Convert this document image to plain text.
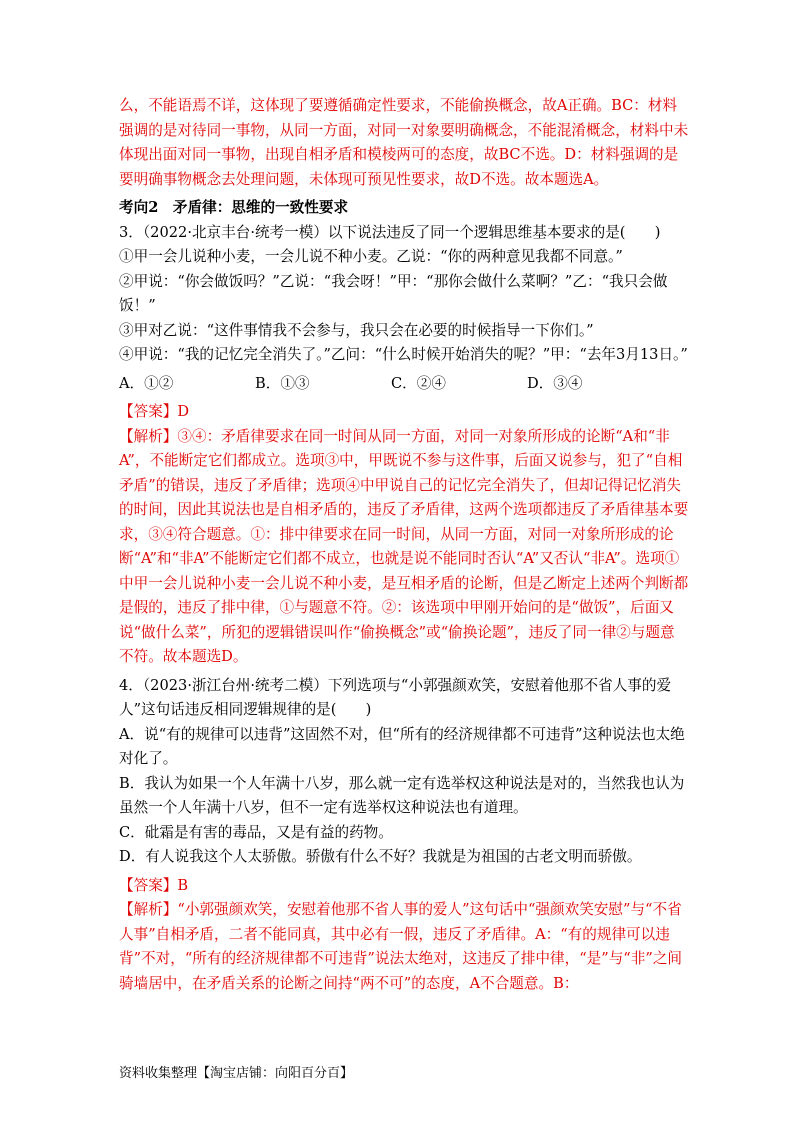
么，不能语焉不详，这体现了要遵循确定性要求，不能偷换概念，故A正确。BC：材料强调的是对待同一事物，从同一方面，对同一对象要明确概念，不能混淆概念，材料中未体现出面对同一事物，出现自相矛盾和模棱两可的态度，故BC不选。D：材料强调的是要明确事物概念去处理问题，未体现可预见性要求，故D不选。故本题选A。

考向2　矛盾律：思维的一致性要求

3．（2022·北京丰台·统考一模）以下说法违反了同一个逻辑思维基本要求的是(　　)

①甲一会儿说种小麦，一会儿说不种小麦。乙说：“你的两种意见我都不同意。”

②甲说：“你会做饭吗？”乙说：“我会呀！”甲：“那你会做什么菜啊？”乙：“我只会做饭！”

③甲对乙说：“这件事情我不会参与，我只会在必要的时候指导一下你们。”

④甲说：“我的记忆完全消失了。”乙问：“什么时候开始消失的呢？”甲：“去年3月13日。”

A．①②	B．①③	C．②④	D．③④

【答案】D

【解析】③④：矛盾律要求在同一时间从同一方面，对同一对象所形成的论断“A和“非A”，不能断定它们都成立。选项③中，甲既说不参与这件事，后面又说参与，犯了“自相矛盾”的错误，违反了矛盾律；选项④中甲说自己的记忆完全消失了，但却记得记忆消失的时间，因此其说法也是自相矛盾的，违反了矛盾律，这两个选项都违反了矛盾律基本要求，③④符合题意。①：排中律要求在同一时间，从同一方面，对同一对象所形成的论断“A”和“非A”不能断定它们都不成立，也就是说不能同时否认“A”又否认“非A”。选项①中甲一会儿说种小麦一会儿说不种小麦，是互相矛盾的论断，但是乙断定上述两个判断都是假的，违反了排中律，①与题意不符。②：该选项中甲刚开始问的是“做饭”，后面又说“做什么菜”，所犯的逻辑错误叫作“偷换概念”或“偷换论题”，违反了同一律②与题意不符。故本题选D。

4．（2023·浙江台州·统考二模）下列选项与“小郭强颜欢笑，安慰着他那不省人事的爱人”这句话违反相同逻辑规律的是(　　)

A．说“有的规律可以违背”这固然不对，但“所有的经济规律都不可违背”这种说法也太绝对化了。

B．我认为如果一个人年满十八岁，那么就一定有选举权这种说法是对的，当然我也认为虽然一个人年满十八岁，但不一定有选举权这种说法也有道理。

C．砒霜是有害的毒品，又是有益的药物。

D．有人说我这个人太骄傲。骄傲有什么不好？我就是为祖国的古老文明而骄傲。

【答案】B

【解析】“小郭强颜欢笑，安慰着他那不省人事的爱人”这句话中“强颜欢笑安慰”与“不省人事”自相矛盾，二者不能同真，其中必有一假，违反了矛盾律。A：“有的规律可以违背”不对，“所有的经济规律都不可违背”说法太绝对，这违反了排中律，“是”与“非”之间骑墙居中，在矛盾关系的论断之间持“两不可”的态度，A不合题意。B：

资料收集整理【淘宝店铺：向阳百分百】
